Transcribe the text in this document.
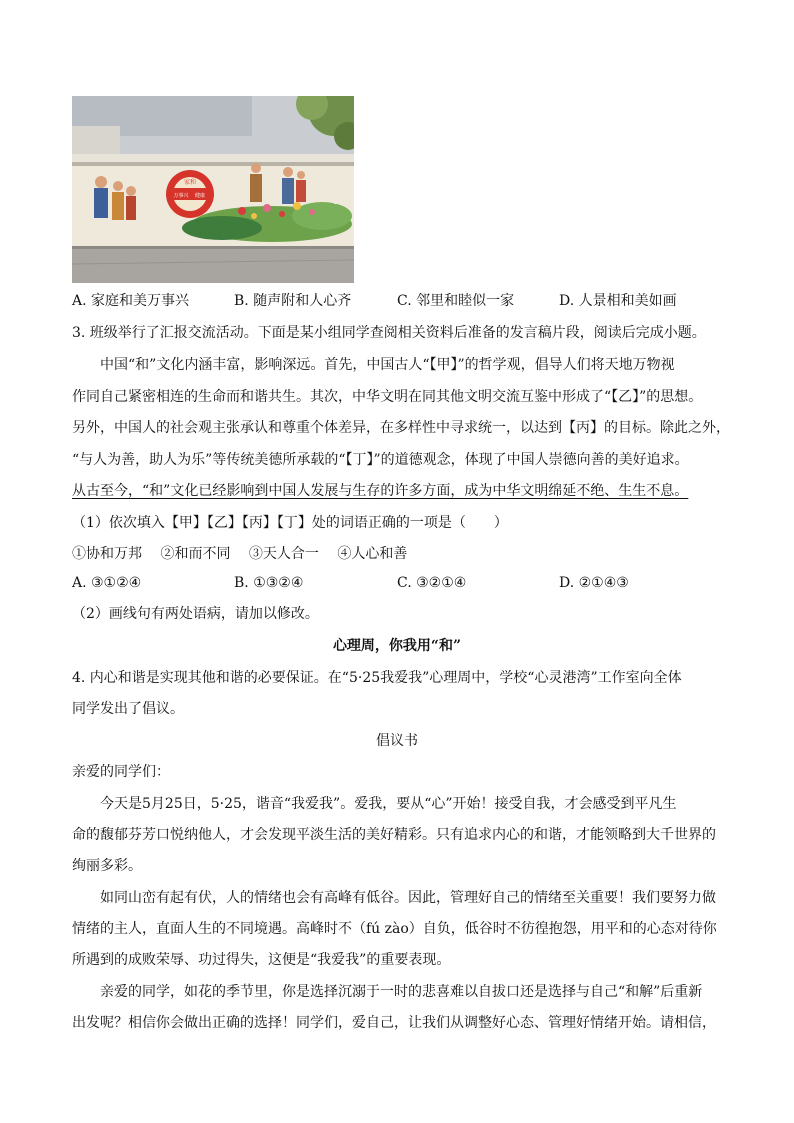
家和
万事兴 健康
A. 家庭和美万事兴	B. 随声附和人心齐	C. 邻里和睦似一家	D. 人景相和美如画
3. 班级举行了汇报交流活动。下面是某小组同学查阅相关资料后准备的发言稿片段，阅读后完成小题。
中国“和”文化内涵丰富，影响深远。首先，中国古人“【甲】”的哲学观，倡导人们将天地万物视
作同自己紧密相连的生命而和谐共生。其次，中华文明在同其他文明交流互鉴中形成了“【乙】”的思想。
另外，中国人的社会观主张承认和尊重个体差异，在多样性中寻求统一，以达到【丙】的目标。除此之外，
“与人为善，助人为乐”等传统美德所承载的“【丁】”的道德观念，体现了中国人崇德向善的美好追求。
从古至今，“和”文化已经影响到中国人发展与生存的许多方面，成为中华文明绵延不绝、生生不息。
（1）依次填入【甲】【乙】【丙】【丁】处的词语正确的一项是（　　）
①协和万邦　 ②和而不同　 ③天人合一　 ④人心和善
A. ③①②④	B. ①③②④	C. ③②①④	D. ②①④③
（2）画线句有两处语病，请加以修改。
心理周，你我用“和”
4. 内心和谐是实现其他和谐的必要保证。在“5·25我爱我”心理周中，学校“心灵港湾”工作室向全体
同学发出了倡议。
倡议书
亲爱的同学们：
今天是5月25日，5·25，谐音“我爱我”。爱我，要从“心”开始！接受自我，才会感受到平凡生
命的馥郁芬芳口悦纳他人，才会发现平淡生活的美好精彩。只有追求内心的和谐，才能领略到大千世界的
绚丽多彩。
如同山峦有起有伏，人的情绪也会有高峰有低谷。因此，管理好自己的情绪至关重要！我们要努力做
情绪的主人，直面人生的不同境遇。高峰时不（fú zào）自负，低谷时不彷徨抱怨，用平和的心态对待你
所遇到的成败荣辱、功过得失，这便是“我爱我”的重要表现。
亲爱的同学，如花的季节里，你是选择沉溺于一时的悲喜难以自拔口还是选择与自己“和解”后重新
出发呢？相信你会做出正确的选择！同学们，爱自己，让我们从调整好心态、管理好情绪开始。请相信，
